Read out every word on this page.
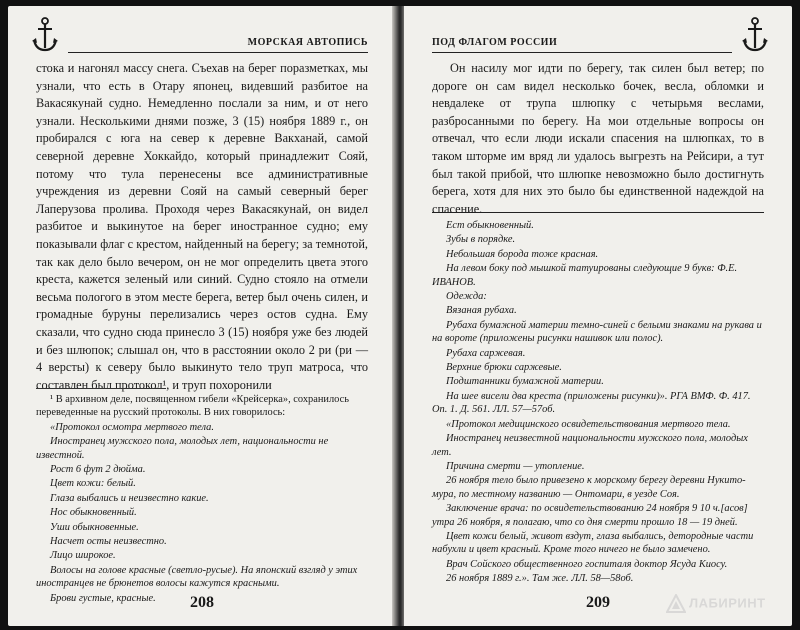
МОРСКАЯ АВТОПИСЬ

стока и нагонял массу снега. Съехав на берег поразметках, мы узнали, что есть в Отару японец, видевший разбитое на Вакасякунай судно. Немедленно послали за ним, и от него узнали. Несколькими днями позже, 3 (15) ноября 1889 г., он пробирался с юга на север к деревне Вакханай, самой северной деревне Хоккайдо, который принадлежит Сояй, потому что тула перенесены все административные учреждения из деревни Сояй на самый северный берег Лаперузова пролива. Проходя через Вакасякунай, он видел разбитое и выкинутое на берег иностранное судно; ему показывали флаг с крестом, найденный на берегу; за темнотой, так как дело было вечером, он не мог определить цвета этого креста, кажется зеленый или синий. Судно стояло на отмели весьма пологого в этом месте берега, ветер был очень силен, и громадные буруны перелизались через остов судна. Ему сказали, что судно сюда принесло 3 (15) ноября уже без людей и без шлюпок; слышал он, что в расстоянии около 2 ри (ри — 4 версты) к северу было выкинуто тело труп матроса, что составлен был протокол¹, и труп похоронили

¹ В архивном деле, посвященном гибели «Крейсерка», сохранилось переведенные на русский протоколы. В них говорилось:

«Протокол осмотра мертвого тела.

Иностранец мужского пола, молодых лет, национальности не известной.

Рост 6 фут 2 дюйма.

Цвет кожи: белый.

Глаза выбались и неизвестно какие.

Нос обыкновенный.

Уши обыкновенные.

Насчет осты неизвестно.

Лицо широкое.

Волосы на голове красные (светло-русые). На японский взгляд у этих иностранцев не брюнетов волосы кажутся красными.

Брови густые, красные.	208
ПОД ФЛАГОМ РОССИИ

Он насилу мог идти по берегу, так силен был ветер; по дороге он сам видел несколько бочек, весла, обломки и невдалеке от трупа шлюпку с четырьмя веслами, разбросанными по берегу. На мои отдельные вопросы он отвечал, что если люди искали спасения на шлюпках, то в таком шторме им вряд ли удалось выгрезть на Рейсири, а тут был такой прибой, что шлюпке невозможно было достигнуть берега, хотя для них это было бы единственной надеждой на спасение.

Ест обыкновенный.

Зубы в порядке.

Небольшая борода тоже красная.

На левом боку под мышкой татуированы следующие 9 букв: Ф.Е. ИВАНОВ.

Одежда:

Вязаная рубаха.

Рубаха бумажной материи темно-синей с белыми знаками на рукава и на вороте (приложены рисунки нашивок или полос).

Рубаха саржевая.

Верхние брюки саржевые.

Подштанники бумажной материи.

На шее висели два креста (приложены рисунки)». РГА ВМФ. Ф. 417. Оп. 1. Д. 561. ЛЛ. 57—57об.

«Протокол медицинского освидетельствования мертвого тела.

Иностранец неизвестной национальности мужского пола, молодых лет.

Причина смерти — утопление.

26 ноября тело было привезено к морскому берегу деревни Нукито-мура, по местному названию — Онтомари, в уезде Соя.

Заключение врача: по освидетельствованию 24 ноября 9 10 ч.[асов] утра 26 ноября, я полагаю, что со дня смерти прошло 18 — 19 дней.

Цвет кожи белый, живот вздут, глаза выбались, детородные части набухли и цвет красный. Кроме того ничего не было замечено.

Врач Сойского общественного госпиталя доктор Ясуда Киосу.

26 ноября 1889 г.». Там же. ЛЛ. 58—58об.

209	ЛАБИРИНТ
